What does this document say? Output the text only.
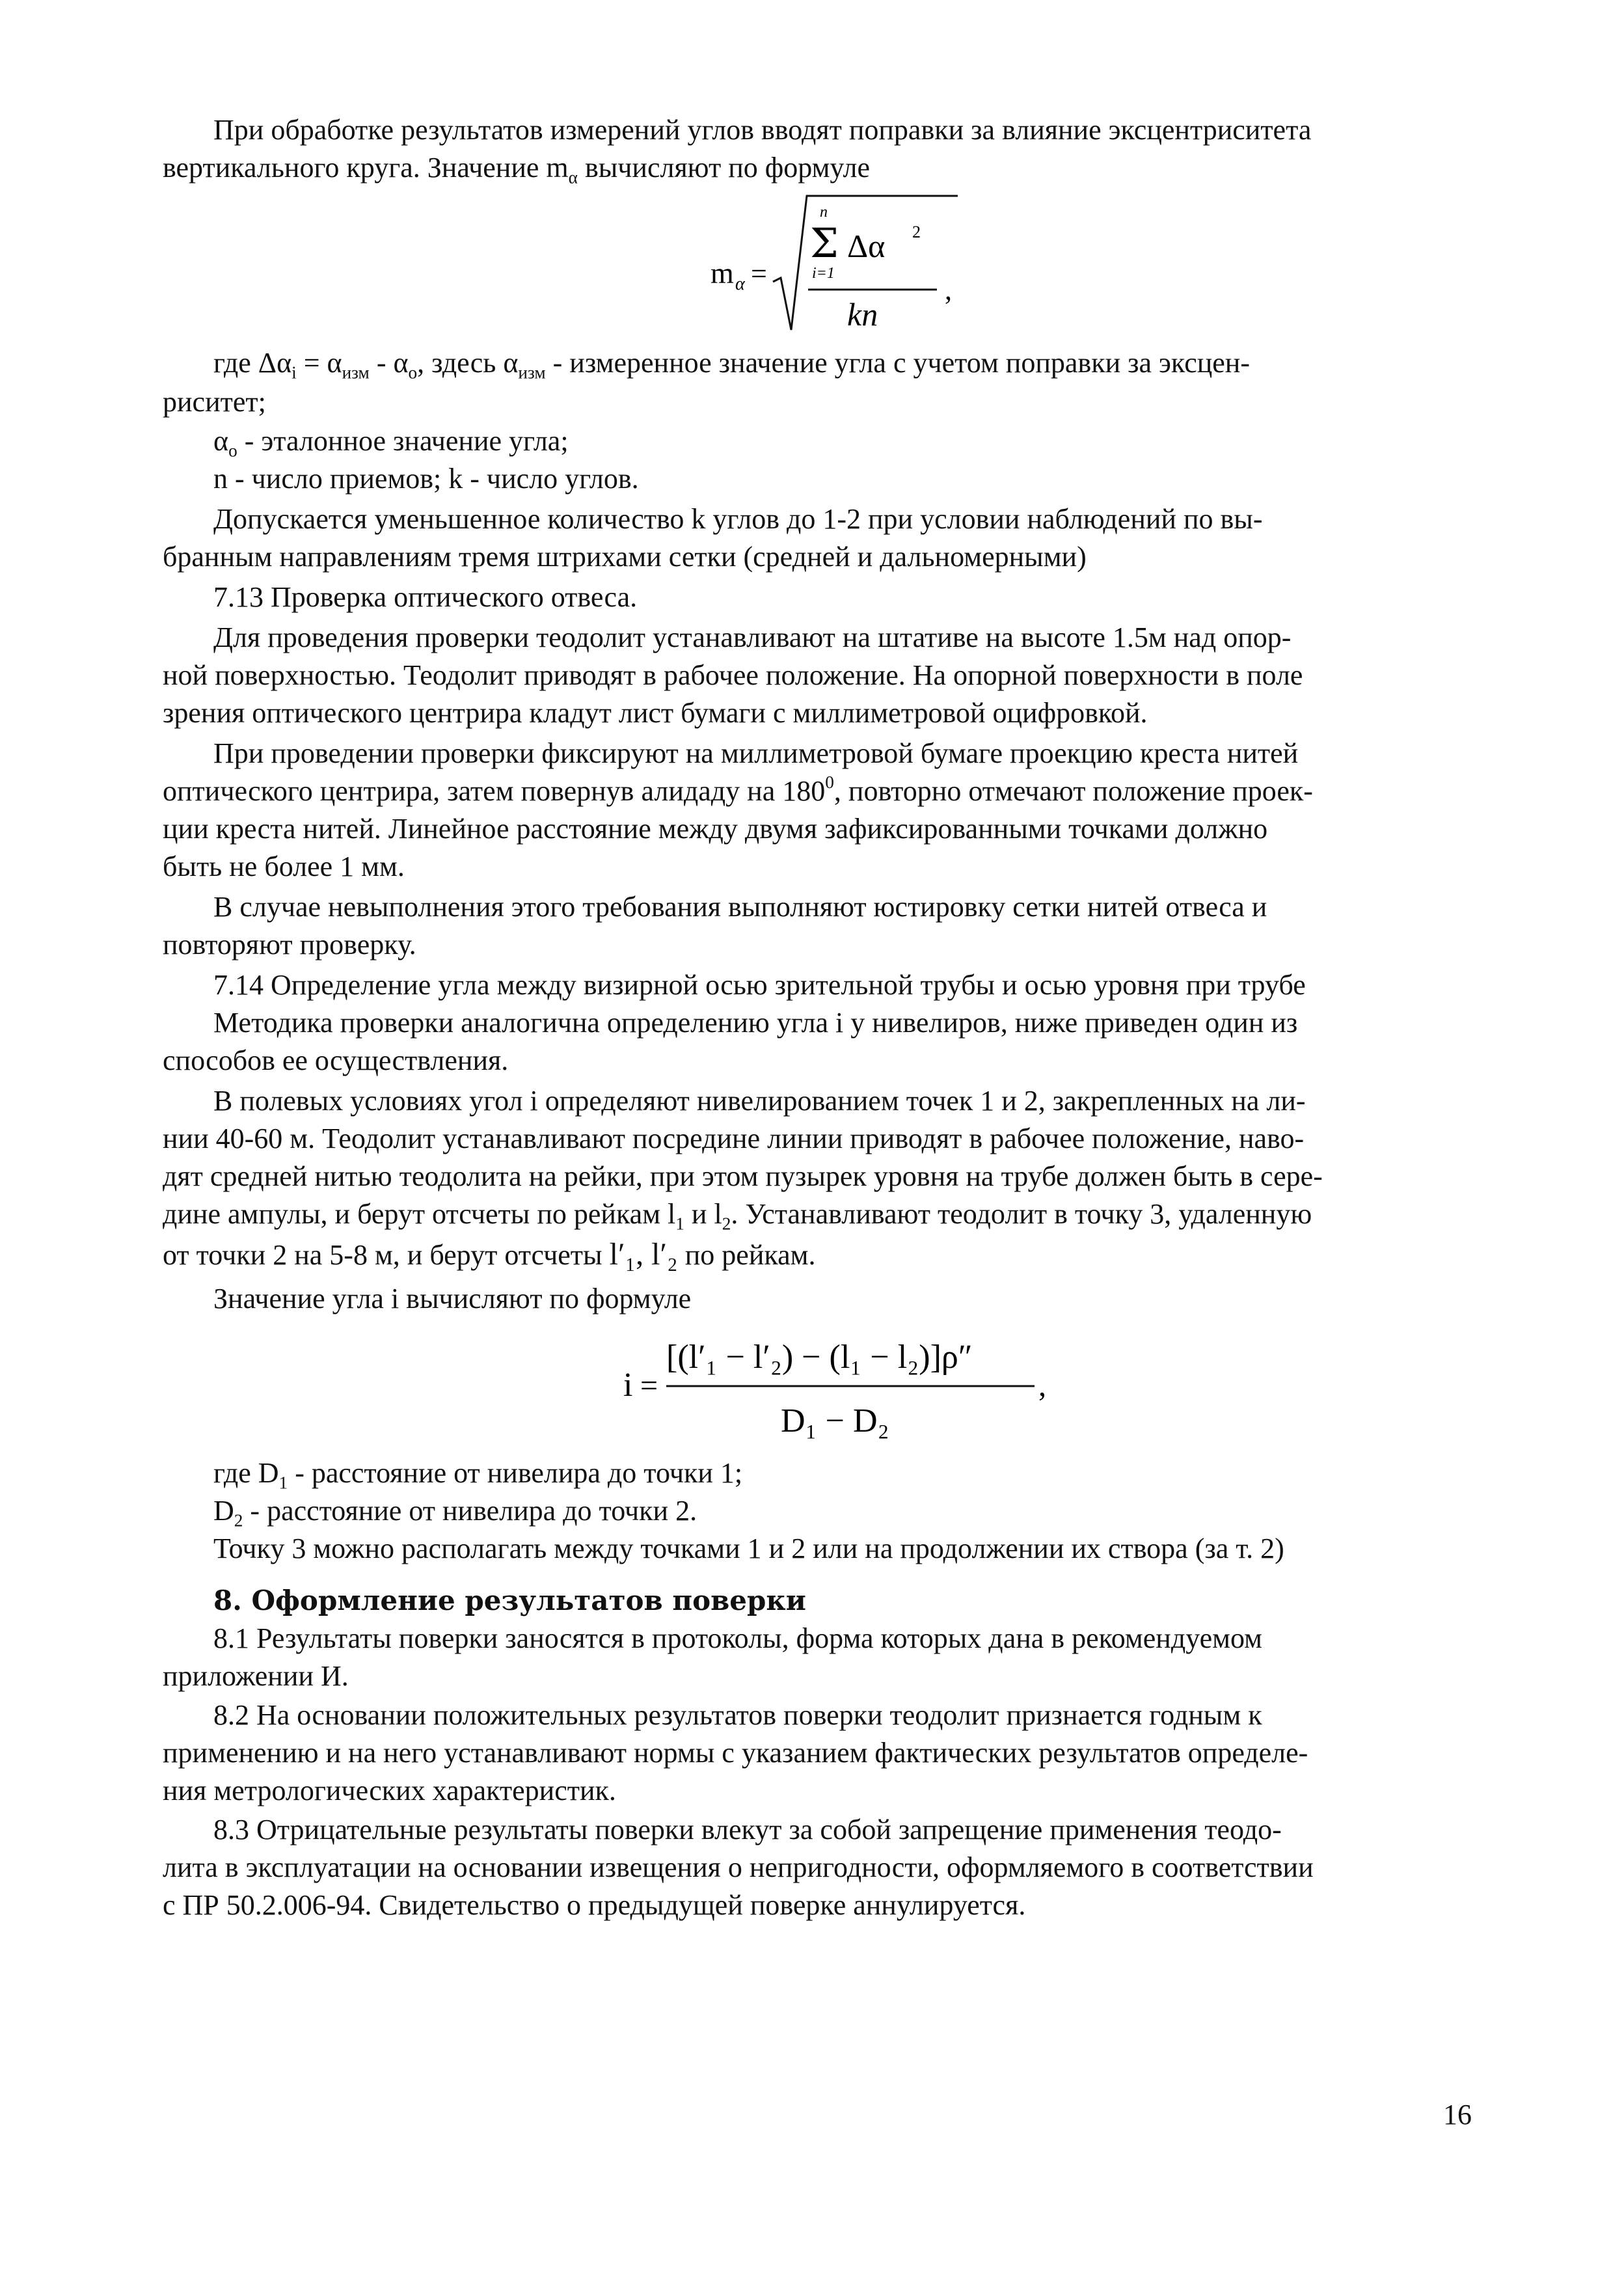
При обработке результатов измерений углов вводят поправки за влияние эксцентриситета
вертикального круга. Значение $m_\alpha$ вычисляют по формуле
m α =
n
Σ
i=1
Δα 2
kn
,
где $\Delta\alpha_i = \alpha_{изм} - \alpha_o$, здесь $\alpha_{изм}$ - измеренное значение угла с учетом поправки за эксцен-
риситет;
$\alpha_o$ - эталонное значение угла;
n - число приемов; k - число углов.
Допускается уменьшенное количество k углов до 1-2 при условии наблюдений по вы-
бранным направлениям тремя штрихами сетки (средней и дальномерными)
7.13 Проверка оптического отвеса.
Для проведения проверки теодолит устанавливают на штативе на высоте 1.5м над опор-
ной поверхностью. Теодолит приводят в рабочее положение. На опорной поверхности в поле
зрения оптического центрира кладут лист бумаги с миллиметровой оцифровкой.
При проведении проверки фиксируют на миллиметровой бумаге проекцию креста нитей
оптического центрира, затем повернув алидаду на $180^0$, повторно отмечают положение проек-
ции креста нитей. Линейное расстояние между двумя зафиксированными точками должно
быть не более 1 мм.
В случае невыполнения этого требования выполняют юстировку сетки нитей отвеса и
повторяют проверку.
7.14 Определение угла между визирной осью зрительной трубы и осью уровня при трубе
Методика проверки аналогична определению угла i у нивелиров, ниже приведен один из
способов ее осуществления.
В полевых условиях угол i определяют нивелированием точек 1 и 2, закрепленных на ли-
нии 40-60 м. Теодолит устанавливают посредине линии приводят в рабочее положение, наво-
дят средней нитью теодолита на рейки, при этом пузырек уровня на трубе должен быть в сере-
дине ампулы, и берут отсчеты по рейкам $l_1$ и $l_2$. Устанавливают теодолит в точку 3, удаленную
от точки 2 на 5-8 м, и берут отсчеты l′₁, l′₂ по рейкам.
Значение угла i вычисляют по формуле
i =
[(l′₁ − l′₂) − (l₁ − l₂)]ρ″
D₁ − D₂
,
где $D_1$ - расстояние от нивелира до точки 1;
$D_2$ - расстояние от нивелира до точки 2.
Точку 3 можно располагать между точками 1 и 2 или на продолжении их створа (за т. 2)
8. Оформление результатов поверки
8.1 Результаты поверки заносятся в протоколы, форма которых дана в рекомендуемом
приложении И.
8.2 На основании положительных результатов поверки теодолит признается годным к
применению и на него устанавливают нормы с указанием фактических результатов определе-
ния метрологических характеристик.
8.3 Отрицательные результаты поверки влекут за собой запрещение применения теодо-
лита в эксплуатации на основании извещения о непригодности, оформляемого в соответствии
с ПР 50.2.006-94. Свидетельство о предыдущей поверке аннулируется.
16
